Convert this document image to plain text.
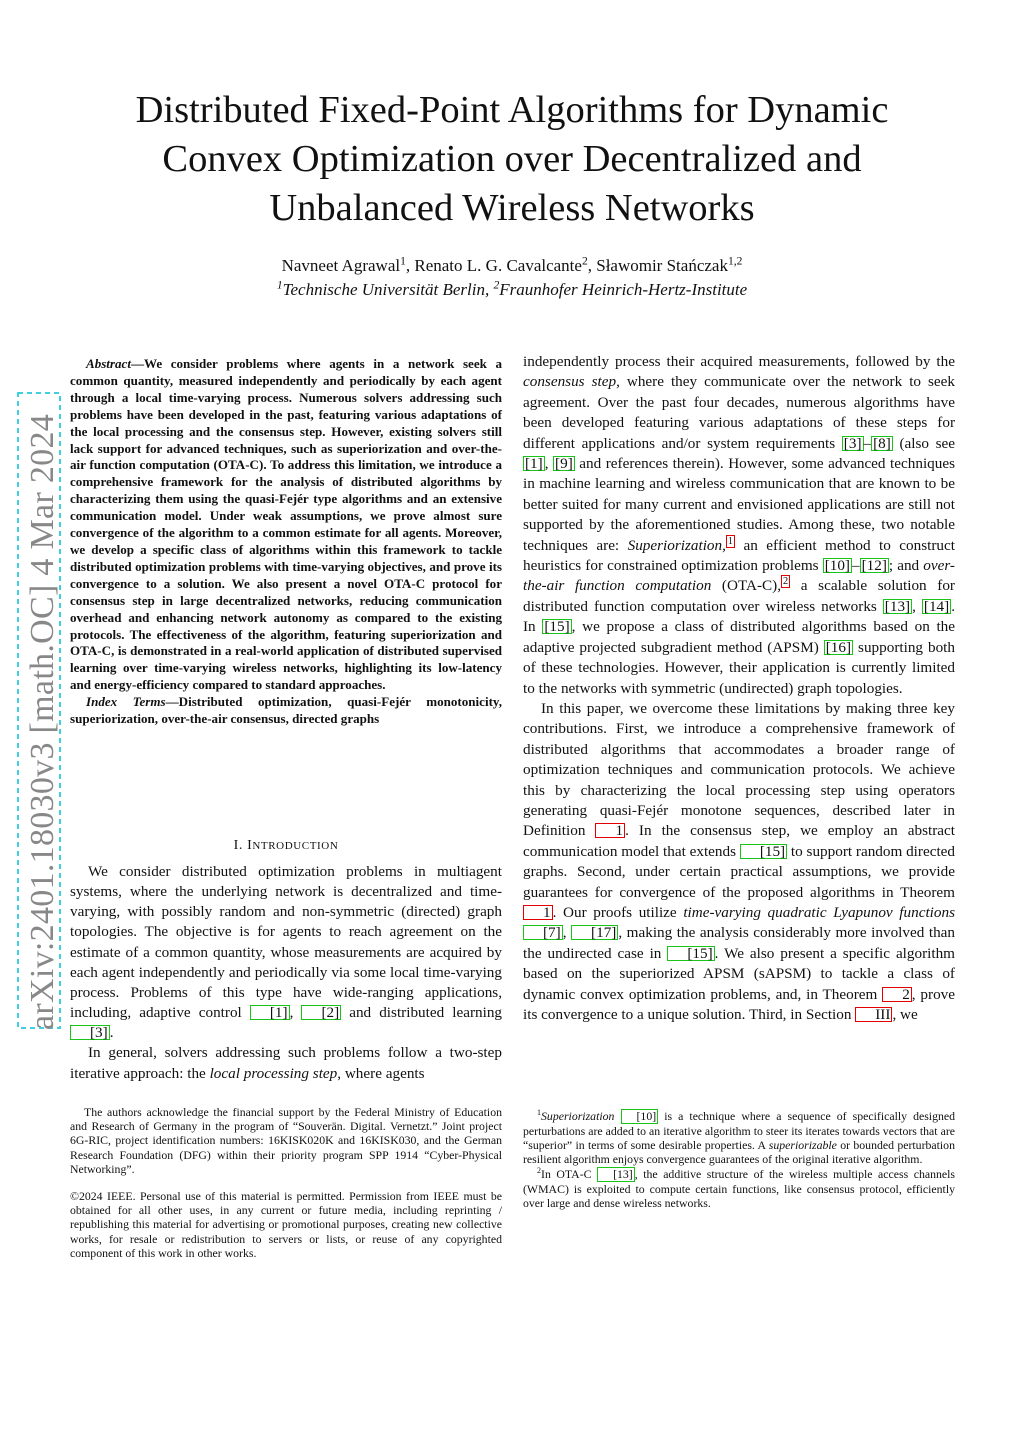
Distributed Fixed-Point Algorithms for Dynamic
Convex Optimization over Decentralized and
Unbalanced Wireless Networks
Navneet Agrawal$^1$, Renato L. G. Cavalcante$^2$, Sławomir Stańczak$^{1,2}$
$^1$Technische Universität Berlin, $^2$Fraunhofer Heinrich-Hertz-Institute
arXiv:2401.18030v3 [math.OC] 4 Mar 2024

Abstract—We consider problems where agents in a network seek a common quantity, measured independently and periodically by each agent through a local time-varying process. Numerous solvers addressing such problems have been developed in the past, featuring various adaptations of the local processing and the consensus step. However, existing solvers still lack support for advanced techniques, such as superiorization and over-the-air function computation (OTA-C). To address this limitation, we introduce a comprehensive framework for the analysis of distributed algorithms by characterizing them using the quasi-Fejér type algorithms and an extensive communication model. Under weak assumptions, we prove almost sure convergence of the algorithm to a common estimate for all agents. Moreover, we develop a specific class of algorithms within this framework to tackle distributed optimization problems with time-varying objectives, and prove its convergence to a solution. We also present a novel OTA-C protocol for consensus step in large decentralized networks, reducing communication overhead and enhancing network autonomy as compared to the existing protocols. The effectiveness of the algorithm, featuring superiorization and OTA-C, is demonstrated in a real-world application of distributed supervised learning over time-varying wireless networks, highlighting its low-latency and energy-efficiency compared to standard approaches.

Index Terms—Distributed optimization, quasi-Fejér monotonicity, superiorization, over-the-air consensus, directed graphs

I. INTRODUCTION

We consider distributed optimization problems in multiagent systems, where the underlying network is decentralized and time-varying, with possibly random and non-symmetric (directed) graph topologies. The objective is for agents to reach agreement on the estimate of a common quantity, whose measurements are acquired by each agent independently and periodically via some local time-varying process. Problems of this type have wide-ranging applications, including, adaptive control [1] , [2] and distributed learning [3] .

In general, solvers addressing such problems follow a two-step iterative approach: the local processing step, where agents

The authors acknowledge the financial support by the Federal Ministry of Education and Research of Germany in the program of “Souverän. Digital. Vernetzt.” Joint project 6G-RIC, project identification numbers: 16KISK020K and 16KISK030, and the German Research Foundation (DFG) within their priority program SPP 1914 “Cyber-Physical Networking”.

©2024 IEEE. Personal use of this material is permitted. Permission from IEEE must be obtained for all other uses, in any current or future media, including reprinting / republishing this material for advertising or promotional purposes, creating new collective works, for resale or redistribution to servers or lists, or reuse of any copyrighted component of this work in other works.

independently process their acquired measurements, followed by the consensus step, where they communicate over the network to seek agreement. Over the past four decades, numerous algorithms have been developed featuring various adaptations of these steps for different applications and/or system requirements [3] – [8] (also see [1] , [9] and references therein). However, some advanced techniques in machine learning and wireless communication that are known to be better suited for many current and envisioned applications are still not supported by the aforementioned studies. Among these, two notable techniques are: Superiorization, $^1$ an efficient method to construct heuristics for constrained optimization problems [10] – [12] ; and over-the-air function computation (OTA-C), $^2$ a scalable solution for distributed function computation over wireless networks [13] , [14] . In [15] , we propose a class of distributed algorithms based on the adaptive projected subgradient method (APSM) [16] supporting both of these technologies. However, their application is currently limited to the networks with symmetric (undirected) graph topologies.

In this paper, we overcome these limitations by making three key contributions. First, we introduce a comprehensive framework of distributed algorithms that accommodates a broader range of optimization techniques and communication protocols. We achieve this by characterizing the local processing step using operators generating quasi-Fejér monotone sequences, described later in Definition 1 . In the consensus step, we employ an abstract communication model that extends [15] to support random directed graphs. Second, under certain practical assumptions, we provide guarantees for convergence of the proposed algorithms in Theorem 1 . Our proofs utilize time-varying quadratic Lyapunov functions [7] , [17] , making the analysis considerably more involved than the undirected case in [15] . We also present a specific algorithm based on the superiorized APSM (sAPSM) to tackle a class of dynamic convex optimization problems, and, in Theorem 2 , prove its convergence to a unique solution. Third, in Section III , we

$^1$Superiorization [10] is a technique where a sequence of specifically designed perturbations are added to an iterative algorithm to steer its iterates towards vectors that are “superior” in terms of some desirable properties. A superiorizable or bounded perturbation resilient algorithm enjoys convergence guarantees of the original iterative algorithm.

$^2$In OTA-C [13] , the additive structure of the wireless multiple access channels (WMAC) is exploited to compute certain functions, like consensus protocol, efficiently over large and dense wireless networks.
